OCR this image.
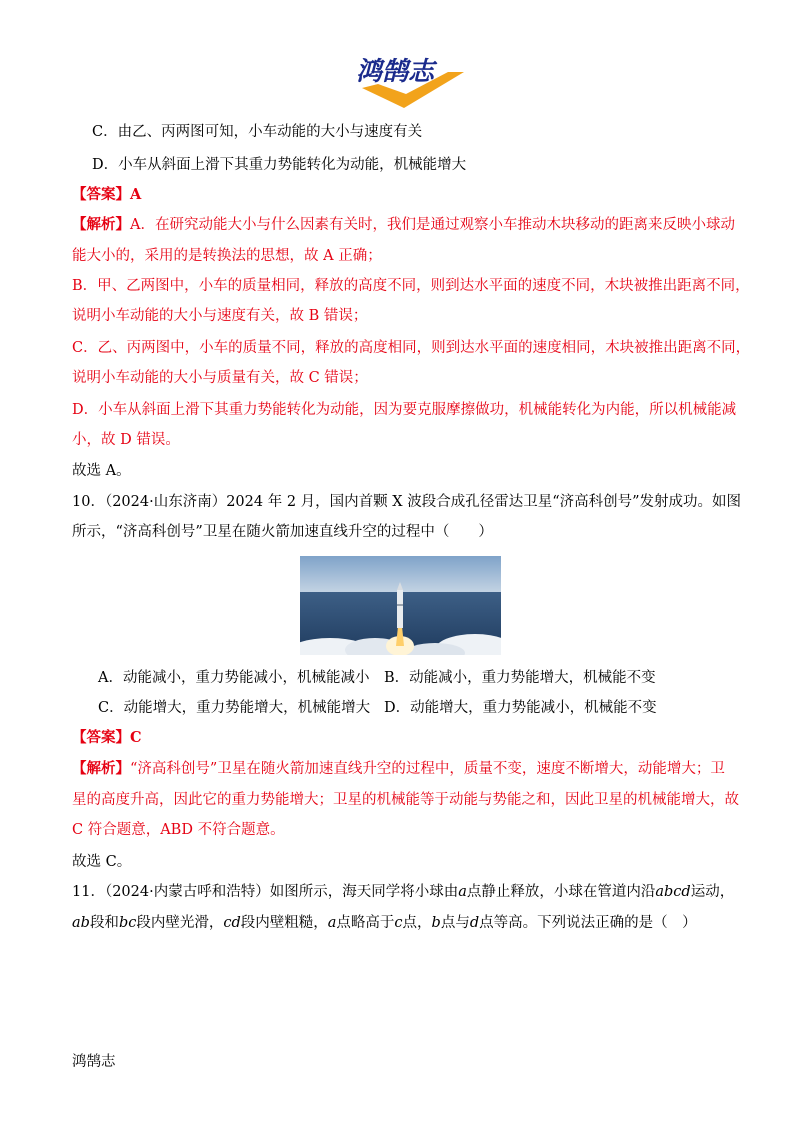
鸿鹄志
C．由乙、丙两图可知，小车动能的大小与速度有关
D．小车从斜面上滑下其重力势能转化为动能，机械能增大
【答案】A
【解析】A．在研究动能大小与什么因素有关时，我们是通过观察小车推动木块移动的距离来反映小球动
能大小的，采用的是转换法的思想，故 A 正确；
B．甲、乙两图中，小车的质量相同，释放的高度不同，则到达水平面的速度不同，木块被推出距离不同，
说明小车动能的大小与速度有关，故 B 错误；
C．乙、丙两图中，小车的质量不同，释放的高度相同，则到达水平面的速度相同，木块被推出距离不同，
说明小车动能的大小与质量有关，故 C 错误；
D．小车从斜面上滑下其重力势能转化为动能，因为要克服摩擦做功，机械能转化为内能，所以机械能减
小，故 D 错误。
故选 A。
10．（2024·山东济南）2024 年 2 月，国内首颗 X 波段合成孔径雷达卫星“济高科创号”发射成功。如图
所示，“济高科创号”卫星在随火箭加速直线升空的过程中（　　）
A．动能减小，重力势能减小，机械能减小 B．动能减小，重力势能增大，机械能不变
C．动能增大，重力势能增大，机械能增大 D．动能增大，重力势能减小，机械能不变
【答案】C
【解析】“济高科创号”卫星在随火箭加速直线升空的过程中，质量不变，速度不断增大，动能增大；卫
星的高度升高，因此它的重力势能增大；卫星的机械能等于动能与势能之和，因此卫星的机械能增大，故
C 符合题意，ABD 不符合题意。
故选 C。
11．（2024·内蒙古呼和浩特）如图所示，海天同学将小球由a点静止释放，小球在管道内沿abcd运动，
ab段和bc段内壁光滑，cd段内壁粗糙，a点略高于c点，b点与d点等高。下列说法正确的是（　）
鸿鹄志
